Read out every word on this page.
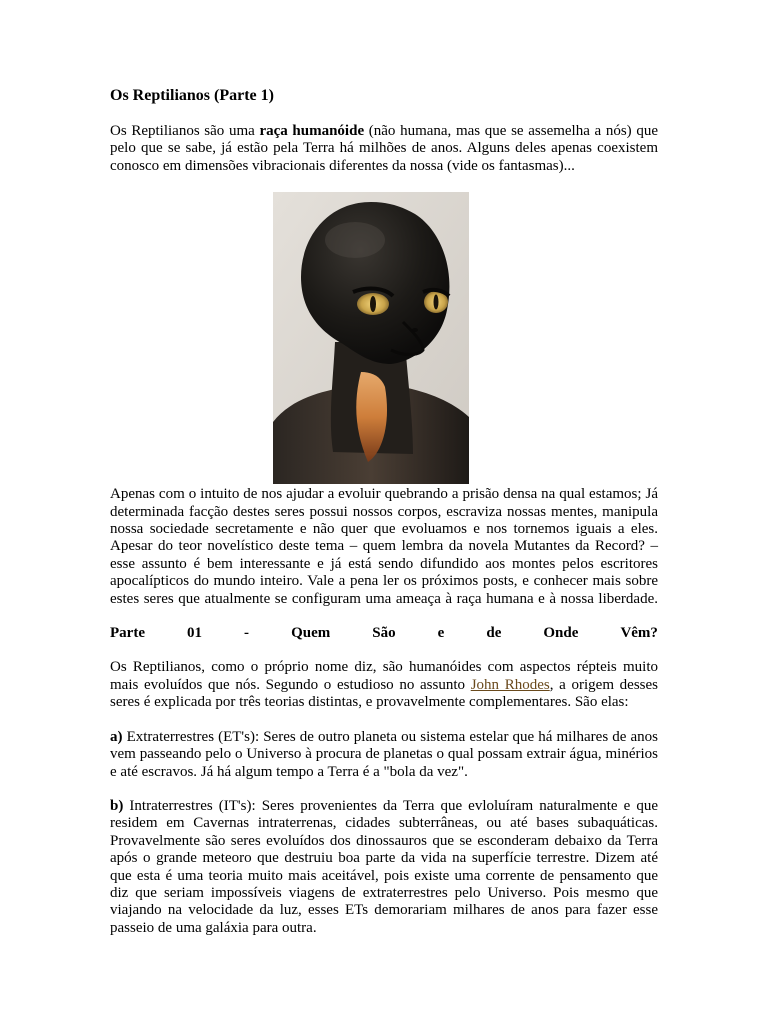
Os Reptilianos (Parte 1)

Os Reptilianos são uma raça humanóide (não humana, mas que se assemelha a nós) que pelo que se sabe, já estão pela Terra há milhões de anos. Alguns deles apenas coexistem conosco em dimensões vibracionais diferentes da nossa (vide os fantasmas)...

Apenas com o intuito de nos ajudar a evoluir quebrando a prisão densa na qual estamos; Já determinada facção destes seres possui nossos corpos, escraviza nossas mentes, manipula nossa sociedade secretamente e não quer que evoluamos e nos tornemos iguais a eles. Apesar do teor novelístico deste tema – quem lembra da novela Mutantes da Record? – esse assunto é bem interessante e já está sendo difundido aos montes pelos escritores apocalípticos do mundo inteiro. Vale a pena ler os próximos posts, e conhecer mais sobre estes seres que atualmente se configuram uma ameaça à raça humana e à nossa liberdade.

Parte	01	-	Quem	São	e	de	Onde	Vêm?

Os Reptilianos, como o próprio nome diz, são humanóides com aspectos répteis muito mais evoluídos que nós. Segundo o estudioso no assunto John Rhodes, a origem desses seres é explicada por três teorias distintas, e provavelmente complementares. São elas:

a) Extraterrestres (ET's): Seres de outro planeta ou sistema estelar que há milhares de anos vem passeando pelo o Universo à procura de planetas o qual possam extrair água, minérios e até escravos. Já há algum tempo a Terra é a "bola da vez".

b) Intraterrestres (IT's): Seres provenientes da Terra que evloluíram naturalmente e que residem em Cavernas intraterrenas, cidades subterrâneas, ou até bases subaquáticas. Provavelmente são seres evoluídos dos dinossauros que se esconderam debaixo da Terra após o grande meteoro que destruiu boa parte da vida na superfície terrestre. Dizem até que esta é uma teoria muito mais aceitável, pois existe uma corrente de pensamento que diz que seriam impossíveis viagens de extraterrestres pelo Universo. Pois mesmo que viajando na velocidade da luz, esses ETs demorariam milhares de anos para fazer esse passeio de uma galáxia para outra.
